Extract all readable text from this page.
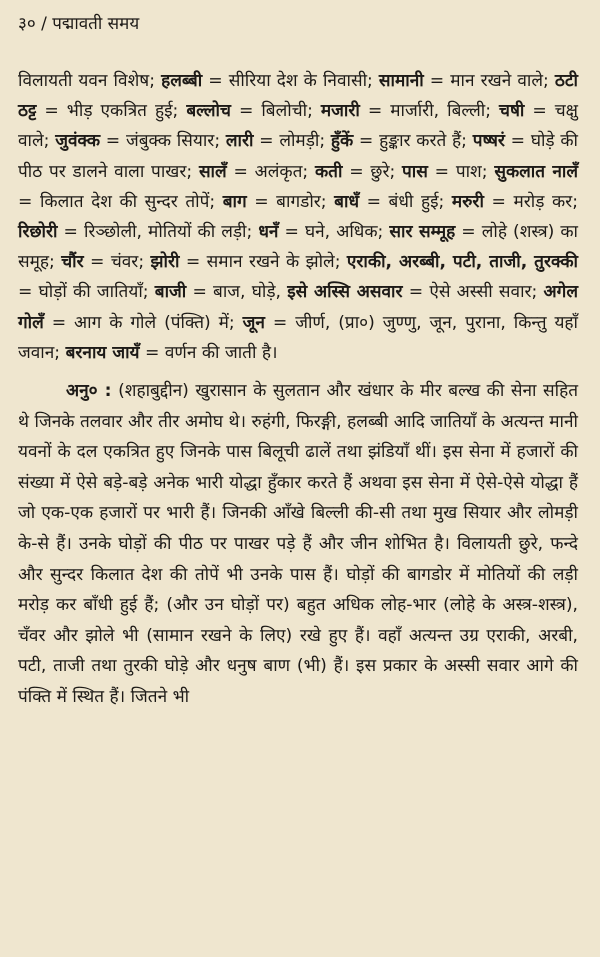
३० / पद्मावती समय

विलायती यवन विशेष; हलब्बी = सीरिया देश के निवासी; सामानी = मान रखने वाले; ठटी ठट्ट = भीड़ एकत्रित हुई; बल्लोच = बिलोची; मजारी = मार्जारी, बिल्ली; चषी = चक्षु वाले; जुवंक्क = जंबुक्क सियार; लारी = लोमड़ी; हुँकें = हुङ्कार करते हैं; पष्षरं = घोड़े की पीठ पर डालने वाला पाखर; सालँ = अलंकृत; कती = छुरे; पास = पाश; सुकलात नालँ = किलात देश की सुन्दर तोपें; बाग = बागडोर; बाधँ = बंधी हुई; मरुरी = मरोड़ कर; रिछोरी = रिञ्छोली, मोतियों की लड़ी; धनँ = घने, अधिक; सार सम्मूह = लोहे (शस्त्र) का समूह; चौंर = चंवर; झोरी = समान रखने के झोले; एराकी, अरब्बी, पटी, ताजी, तुरक्की = घोड़ों की जातियाँ; बाजी = बाज, घोड़े, इसे अस्सि असवार = ऐसे अस्सी सवार; अगेल गोलँ = आग के गोले (पंक्ति) में; जून = जीर्ण, (प्रा०) जुण्णु, जून, पुराना, किन्तु यहाँ जवान; बरनाय जायँ = वर्णन की जाती है।

अनु० : (शहाबुद्दीन) खुरासान के सुलतान और खंधार के मीर बल्ख की सेना सहित थे जिनके तलवार और तीर अमोघ थे। रुहंगी, फिरङ्गी, हलब्बी आदि जातियाँ के अत्यन्त मानी यवनों के दल एकत्रित हुए जिनके पास बिलूची ढालें तथा झंडियाँ थीं। इस सेना में हजारों की संख्या में ऐसे बड़े-बड़े अनेक भारी योद्धा हुँकार करते हैं अथवा इस सेना में ऐसे-ऐसे योद्धा हैं जो एक-एक हजारों पर भारी हैं। जिनकी आँखे बिल्ली की-सी तथा मुख सियार और लोमड़ी के-से हैं। उनके घोड़ों की पीठ पर पाखर पड़े हैं और जीन शोभित है। विलायती छुरे, फन्दे और सुन्दर किलात देश की तोपें भी उनके पास हैं। घोड़ों की बागडोर में मोतियों की लड़ी मरोड़ कर बाँधी हुई हैं; (और उन घोड़ों पर) बहुत अधिक लोह-भार (लोहे के अस्त्र-शस्त्र), चँवर और झोले भी (सामान रखने के लिए) रखे हुए हैं। वहाँ अत्यन्त उग्र एराकी, अरबी, पटी, ताजी तथा तुरकी घोड़े और धनुष बाण (भी) हैं। इस प्रकार के अस्सी सवार आगे की पंक्ति में स्थित हैं। जितने भी
